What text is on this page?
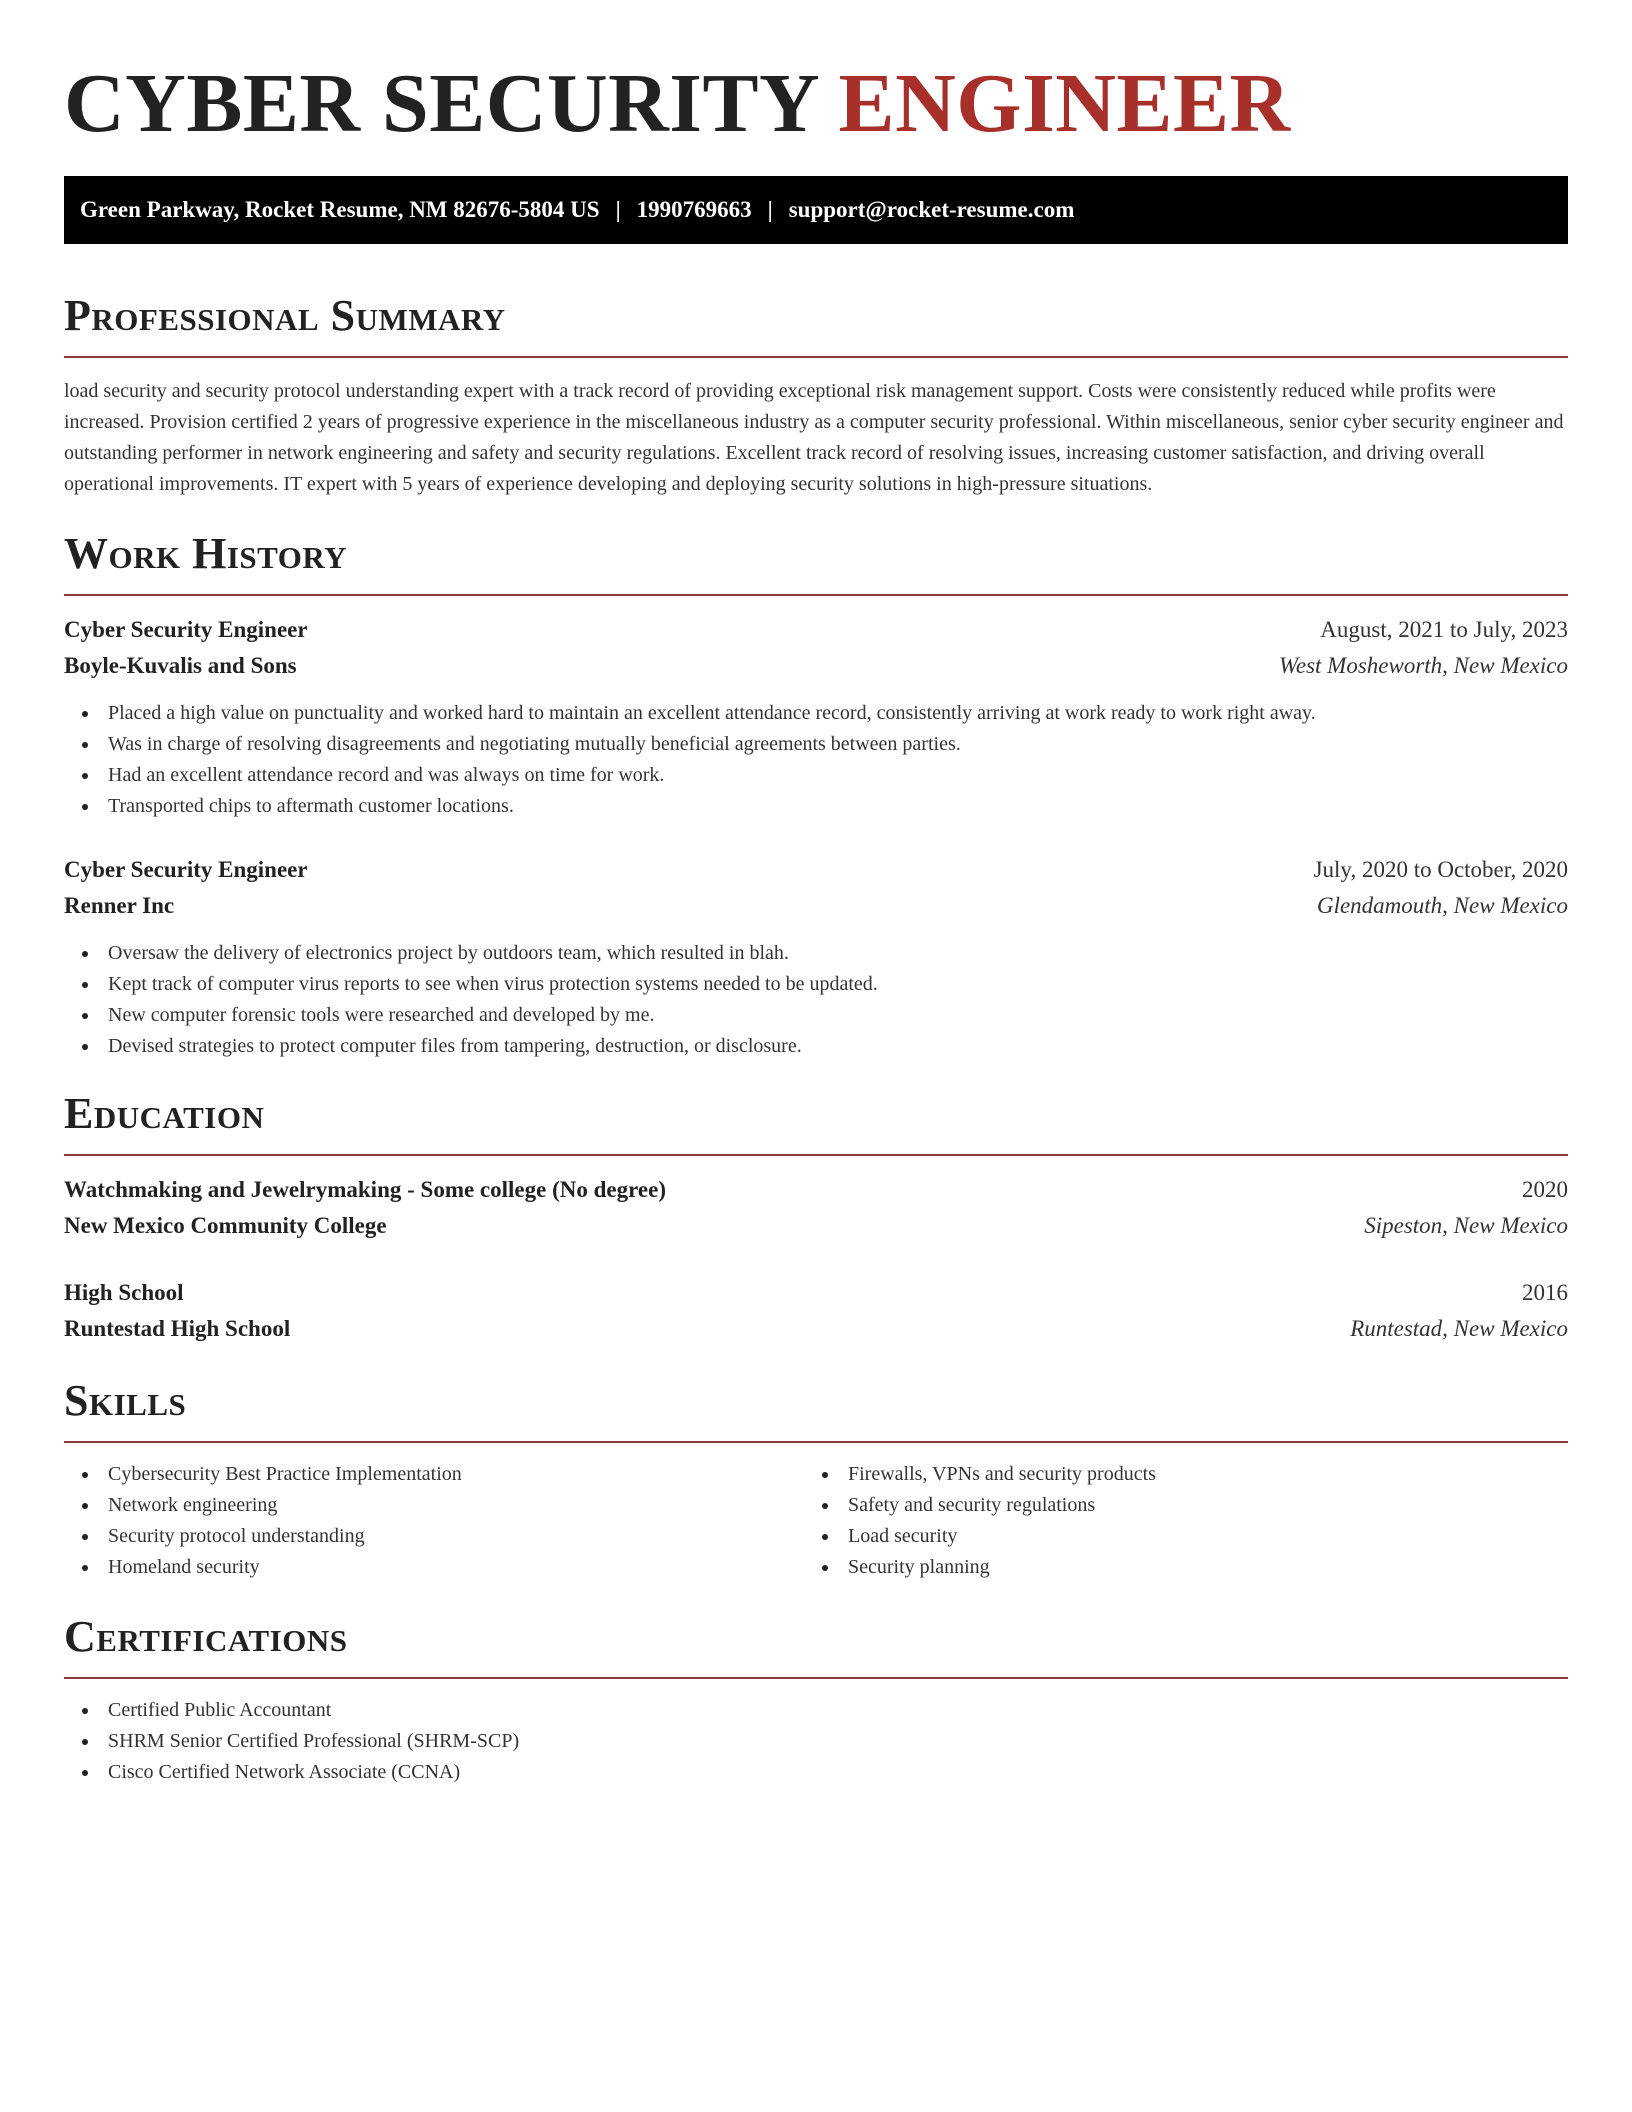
CYBER SECURITY ENGINEER
Green Parkway, Rocket Resume, NM 82676-5804 US | 1990769663 | support@rocket-resume.com
Professional Summary

load security and security protocol understanding expert with a track record of providing exceptional risk management support. Costs were consistently reduced while profits were increased. Provision certified 2 years of progressive experience in the miscellaneous industry as a computer security professional. Within miscellaneous, senior cyber security engineer and outstanding performer in network engineering and safety and security regulations. Excellent track record of resolving issues, increasing customer satisfaction, and driving overall operational improvements. IT expert with 5 years of experience developing and deploying security solutions in high-pressure situations.

Work History
Cyber Security Engineer	August, 2021 to July, 2023
Boyle-Kuvalis and Sons	West Mosheworth, New Mexico
Placed a high value on punctuality and worked hard to maintain an excellent attendance record, consistently arriving at work ready to work right away.
Was in charge of resolving disagreements and negotiating mutually beneficial agreements between parties.
Had an excellent attendance record and was always on time for work.
Transported chips to aftermath customer locations.
Cyber Security Engineer	July, 2020 to October, 2020
Renner Inc	Glendamouth, New Mexico
Oversaw the delivery of electronics project by outdoors team, which resulted in blah.
Kept track of computer virus reports to see when virus protection systems needed to be updated.
New computer forensic tools were researched and developed by me.
Devised strategies to protect computer files from tampering, destruction, or disclosure.
Education
Watchmaking and Jewelrymaking - Some college (No degree)	2020
New Mexico Community College	Sipeston, New Mexico
High School	2016
Runtestad High School	Runtestad, New Mexico
Skills
Cybersecurity Best Practice Implementation
Network engineering
Security protocol understanding
Homeland security
Firewalls, VPNs and security products
Safety and security regulations
Load security
Security planning
Certifications
Certified Public Accountant
SHRM Senior Certified Professional (SHRM-SCP)
Cisco Certified Network Associate (CCNA)
